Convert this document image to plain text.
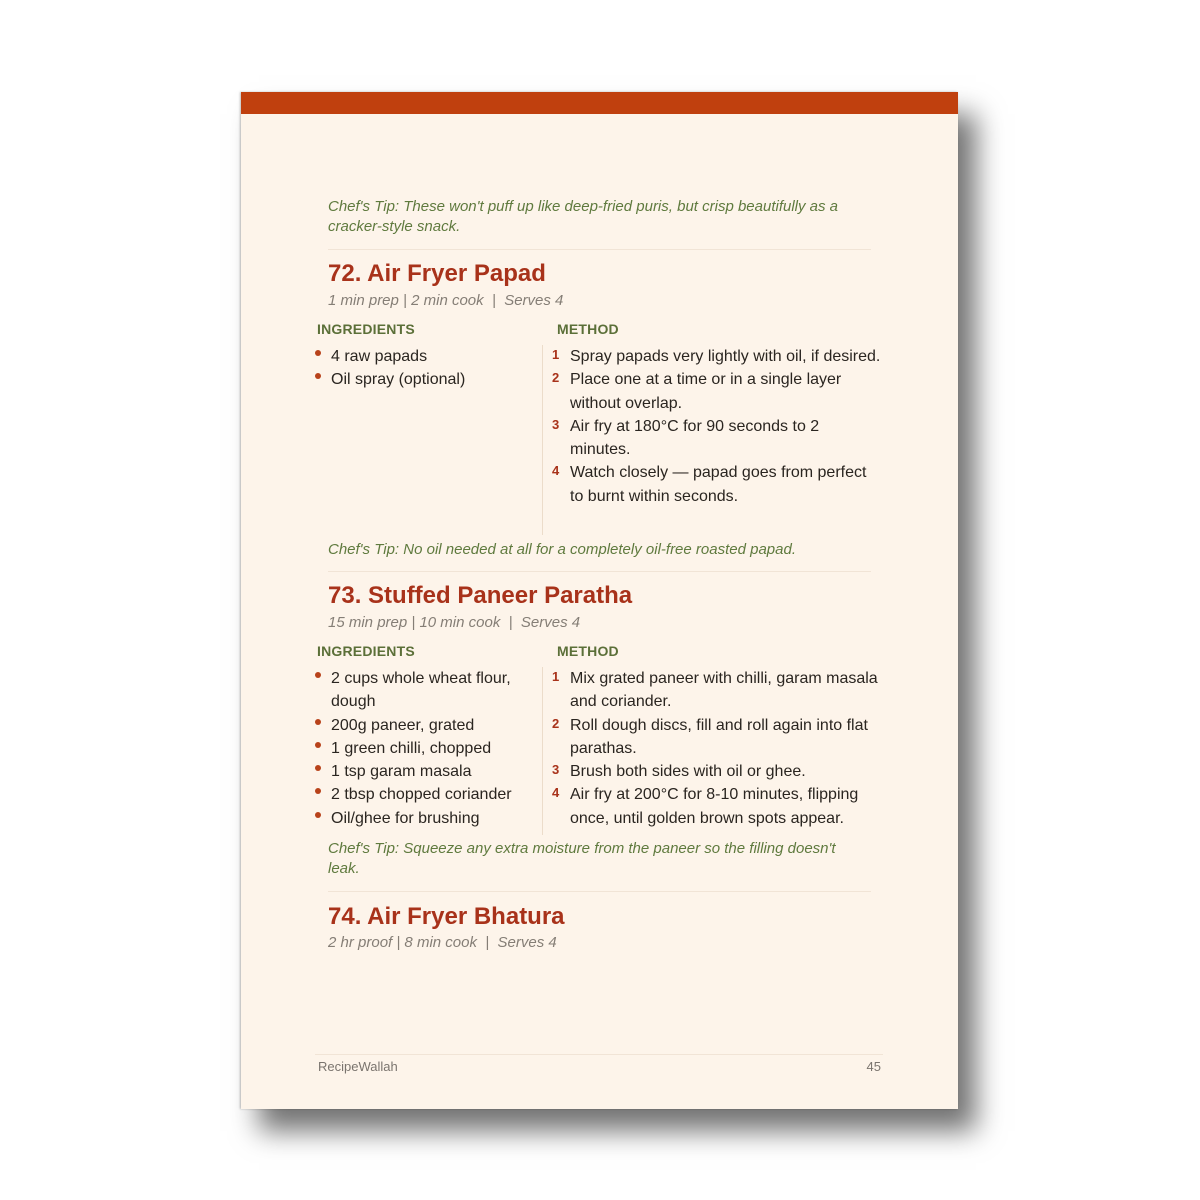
Chef's Tip: These won't puff up like deep-fried puris, but crisp beautifully as a cracker-style snack.
72. Air Fryer Papad
1 min prep | 2 min cook  |  Serves 4
INGREDIENTS	METHOD
4 raw papads
Oil spray (optional)
1 Spray papads very lightly with oil, if desired.
2 Place one at a time or in a single layer without overlap.
3 Air fry at 180°C for 90 seconds to 2 minutes.
4 Watch closely — papad goes from perfect to burnt within seconds.
Chef's Tip: No oil needed at all for a completely oil-free roasted papad.
73. Stuffed Paneer Paratha
15 min prep | 10 min cook  |  Serves 4
INGREDIENTS	METHOD
2 cups whole wheat flour, dough
200g paneer, grated
1 green chilli, chopped
1 tsp garam masala
2 tbsp chopped coriander
Oil/ghee for brushing
1 Mix grated paneer with chilli, garam masala and coriander.
2 Roll dough discs, fill and roll again into flat parathas.
3 Brush both sides with oil or ghee.
4 Air fry at 200°C for 8-10 minutes, flipping once, until golden brown spots appear.
Chef's Tip: Squeeze any extra moisture from the paneer so the filling doesn't leak.
74. Air Fryer Bhatura
2 hr proof | 8 min cook  |  Serves 4
RecipeWallah	45
